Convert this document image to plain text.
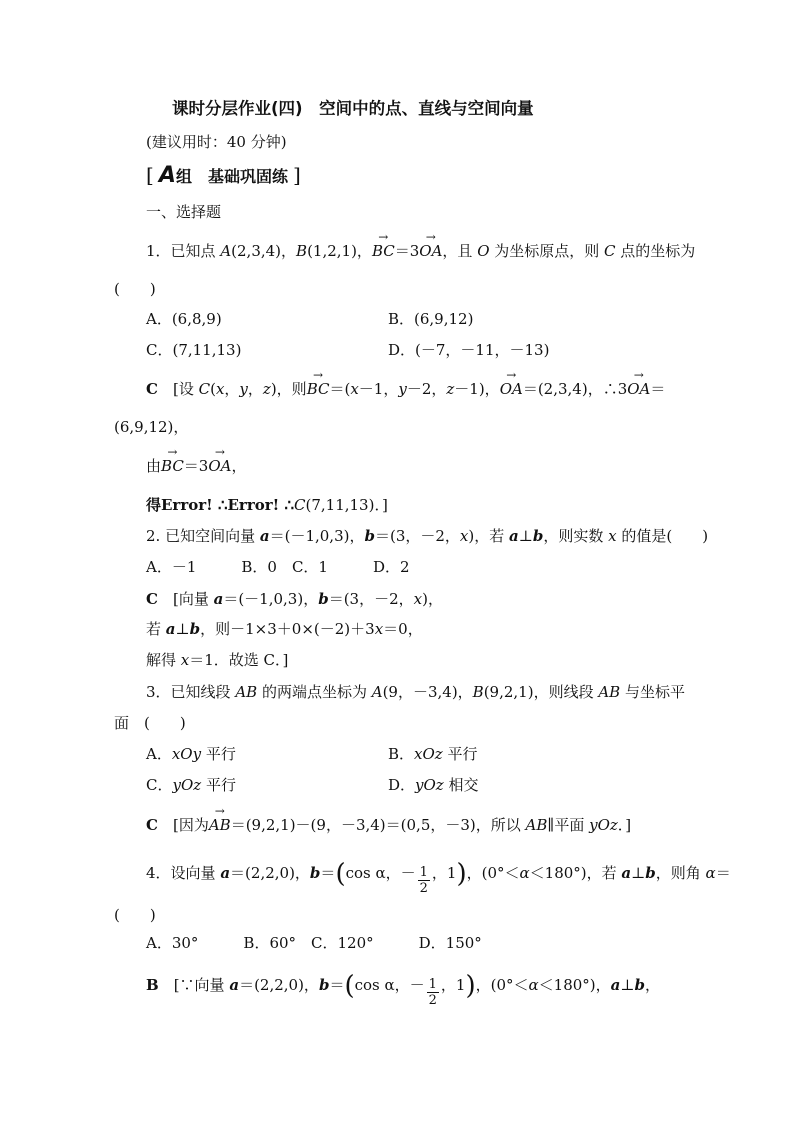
课时分层作业(四)　空间中的点、直线与空间向量
(建议用时：40 分钟)
[ A组　基础巩固练 ]
一、选择题
1．已知点 A(2,3,4)，B(1,2,1)，→ BC＝3→ OA，且 O 为坐标原点，则 C 点的坐标为
(　　)
A．(6,8,9)	B．(6,9,12)
C．(7,11,13)	D．(－7，－11，－13)
C　 [设 C(x，y，z)，则→ BC＝(x－1，y－2，z－1)，→ OA＝(2,3,4)，∴3→ OA＝
(6,9,12)，
由→ BC＝3→ OA，
得Error! ∴Error! ∴C(7,11,13)．]
2. 已知空间向量 a＝(－1,0,3)，b＝(3，－2，x)，若 a⊥b，则实数 x 的值是(　　)
A．－1　　　B．0　C．1　　　D．2
C　 [向量 a＝(－1,0,3)，b＝(3，－2，x)，
若 a⊥b，则－1×3＋0×(－2)＋3x＝0，
解得 x＝1．故选 C．]
3．已知线段 AB 的两端点坐标为 A(9，－3,4)，B(9,2,1)，则线段 AB 与坐标平
面　(　　)
A．xOy 平行	B．xOz 平行
C．yOz 平行	D．yOz 相交
C　 [因为→ AB＝(9,2,1)－(9，－3,4)＝(0,5，－3)，所以 AB∥平面 yOz．]
4．设向量 a＝(2,2,0)，b＝(cos α，－ $\frac{1}{2}$ ，1)，(0°＜α＜180°)，若 a⊥b，则角 α＝
(　　)
A．30°　　　B．60°　C．120°　　　D．150°
B　 [∵向量 a＝(2,2,0)，b＝(cos α，－ $\frac{1}{2}$ ，1)，(0°＜α＜180°)，a⊥b，
